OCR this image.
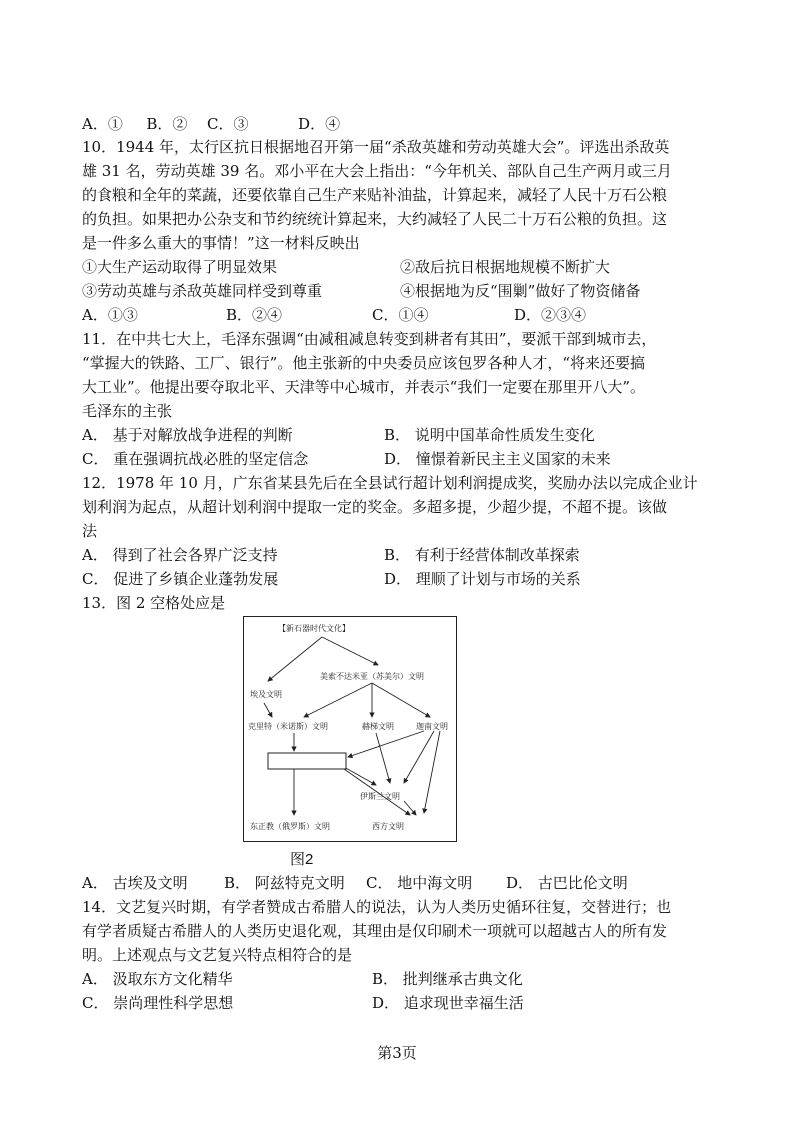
A．① B．② C．③	D．④
10．1944 年，太行区抗日根据地召开第一届“杀敌英雄和劳动英雄大会”。评选出杀敌英
雄 31 名，劳动英雄 39 名。邓小平在大会上指出：“今年机关、部队自己生产两月或三月
的食粮和全年的菜蔬，还要依靠自己生产来贴补油盐，计算起来，减轻了人民十万石公粮
的负担。如果把办公杂支和节约统统计算起来，大约减轻了人民二十万石公粮的负担。这
是一件多么重大的事情！”这一材料反映出
①大生产运动取得了明显效果	②敌后抗日根据地规模不断扩大
③劳动英雄与杀敌英雄同样受到尊重	④根据地为反“围剿”做好了物资储备
A．①③	B．②④	C．①④	D．②③④
11．在中共七大上，毛泽东强调“由减租减息转变到耕者有其田”，要派干部到城市去，
“掌握大的铁路、工厂、银行”。他主张新的中央委员应该包罗各种人才，“将来还要搞
大工业”。他提出要夺取北平、天津等中心城市，并表示“我们一定要在那里开八大”。
毛泽东的主张
A． 基于对解放战争进程的判断	B． 说明中国革命性质发生变化
C． 重在强调抗战必胜的坚定信念	D． 憧憬着新民主主义国家的未来
12．1978 年 10 月，广东省某县先后在全县试行超计划利润提成奖，奖励办法以完成企业计
划利润为起点，从超计划利润中提取一定的奖金。多超多提，少超少提，不超不提。该做
法
A． 得到了社会各界广泛支持	B． 有利于经营体制改革探索
C． 促进了乡镇企业蓬勃发展	D． 理顺了计划与市场的关系
13．图 2 空格处应是
【新石器时代文化】
埃及文明
美索不达米亚（苏美尔）文明
克里特（米诺斯）文明	赫梯文明	迦南文明
伊斯兰文明
东正教（俄罗斯）文明	西方文明
图2
A． 古埃及文明 B． 阿兹特克文明 C． 地中海文明 D． 古巴比伦文明
14．文艺复兴时期，有学者赞成古希腊人的说法，认为人类历史循环往复，交替进行；也
有学者质疑古希腊人的人类历史退化观，其理由是仅印刷术一项就可以超越古人的所有发
明。上述观点与文艺复兴特点相符合的是
A． 汲取东方文化精华	B． 批判继承古典文化
C． 崇尚理性科学思想	D． 追求现世幸福生活
第3页
